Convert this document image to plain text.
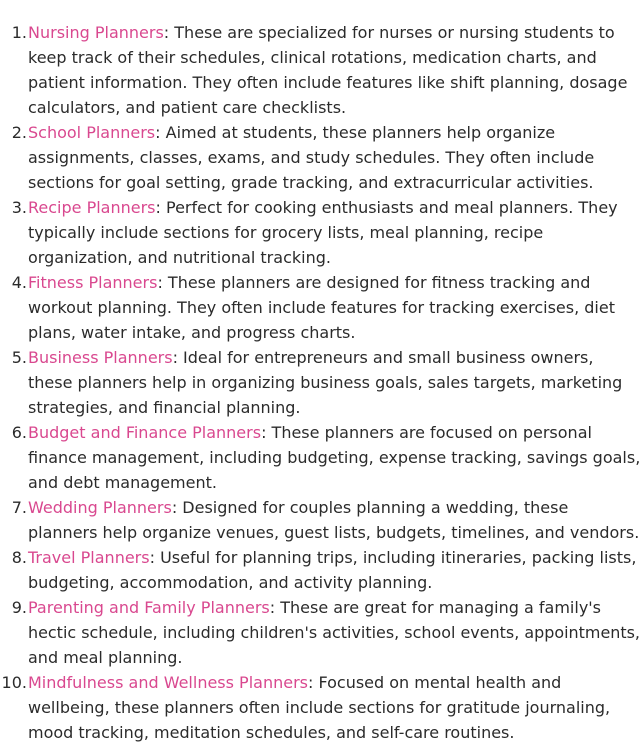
1. Nursing Planners: These are specialized for nurses or nursing students to
keep track of their schedules, clinical rotations, medication charts, and
patient information. They often include features like shift planning, dosage
calculators, and patient care checklists.
2. School Planners: Aimed at students, these planners help organize
assignments, classes, exams, and study schedules. They often include
sections for goal setting, grade tracking, and extracurricular activities.
3. Recipe Planners: Perfect for cooking enthusiasts and meal planners. They
typically include sections for grocery lists, meal planning, recipe
organization, and nutritional tracking.
4. Fitness Planners: These planners are designed for fitness tracking and
workout planning. They often include features for tracking exercises, diet
plans, water intake, and progress charts.
5. Business Planners: Ideal for entrepreneurs and small business owners,
these planners help in organizing business goals, sales targets, marketing
strategies, and financial planning.
6. Budget and Finance Planners: These planners are focused on personal
finance management, including budgeting, expense tracking, savings goals,
and debt management.
7. Wedding Planners: Designed for couples planning a wedding, these
planners help organize venues, guest lists, budgets, timelines, and vendors.
8. Travel Planners: Useful for planning trips, including itineraries, packing lists,
budgeting, accommodation, and activity planning.
9. Parenting and Family Planners: These are great for managing a family's
hectic schedule, including children's activities, school events, appointments,
and meal planning.
10. Mindfulness and Wellness Planners: Focused on mental health and
wellbeing, these planners often include sections for gratitude journaling,
mood tracking, meditation schedules, and self-care routines.
